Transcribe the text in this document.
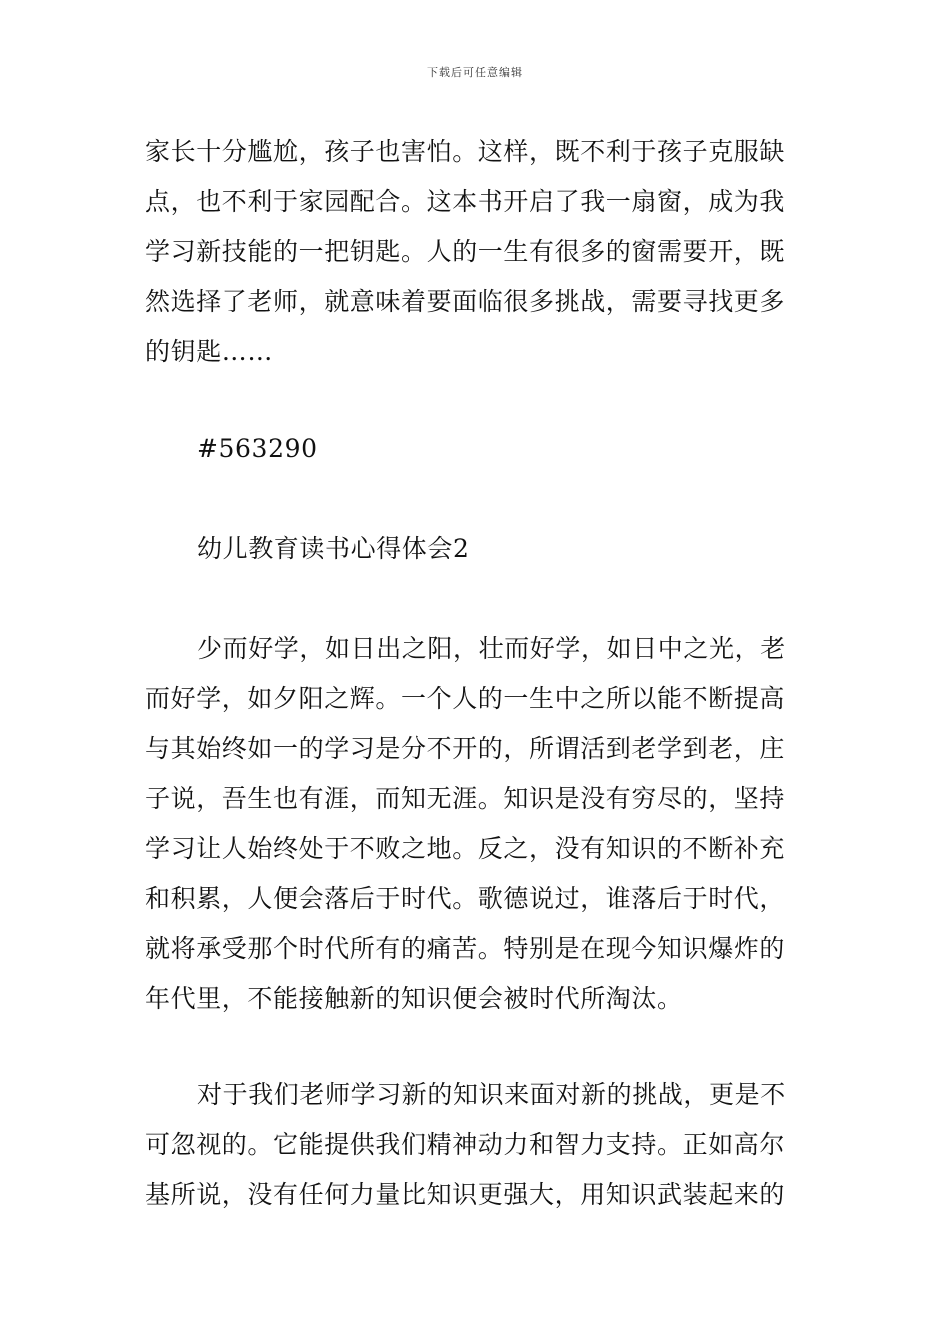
下载后可任意编辑
家长十分尴尬，孩子也害怕。这样，既不利于孩子克服缺
点，也不利于家园配合。这本书开启了我一扇窗，成为我
学习新技能的一把钥匙。人的一生有很多的窗需要开，既
然选择了老师，就意味着要面临很多挑战，需要寻找更多
的钥匙……
#563290
幼儿教育读书心得体会2
少而好学，如日出之阳，壮而好学，如日中之光，老
而好学，如夕阳之辉。一个人的一生中之所以能不断提高
与其始终如一的学习是分不开的，所谓活到老学到老，庄
子说，吾生也有涯，而知无涯。知识是没有穷尽的，坚持
学习让人始终处于不败之地。反之，没有知识的不断补充
和积累，人便会落后于时代。歌德说过，谁落后于时代，
就将承受那个时代所有的痛苦。特别是在现今知识爆炸的
年代里，不能接触新的知识便会被时代所淘汰。
对于我们老师学习新的知识来面对新的挑战，更是不
可忽视的。它能提供我们精神动力和智力支持。正如高尔
基所说，没有任何力量比知识更强大，用知识武装起来的
